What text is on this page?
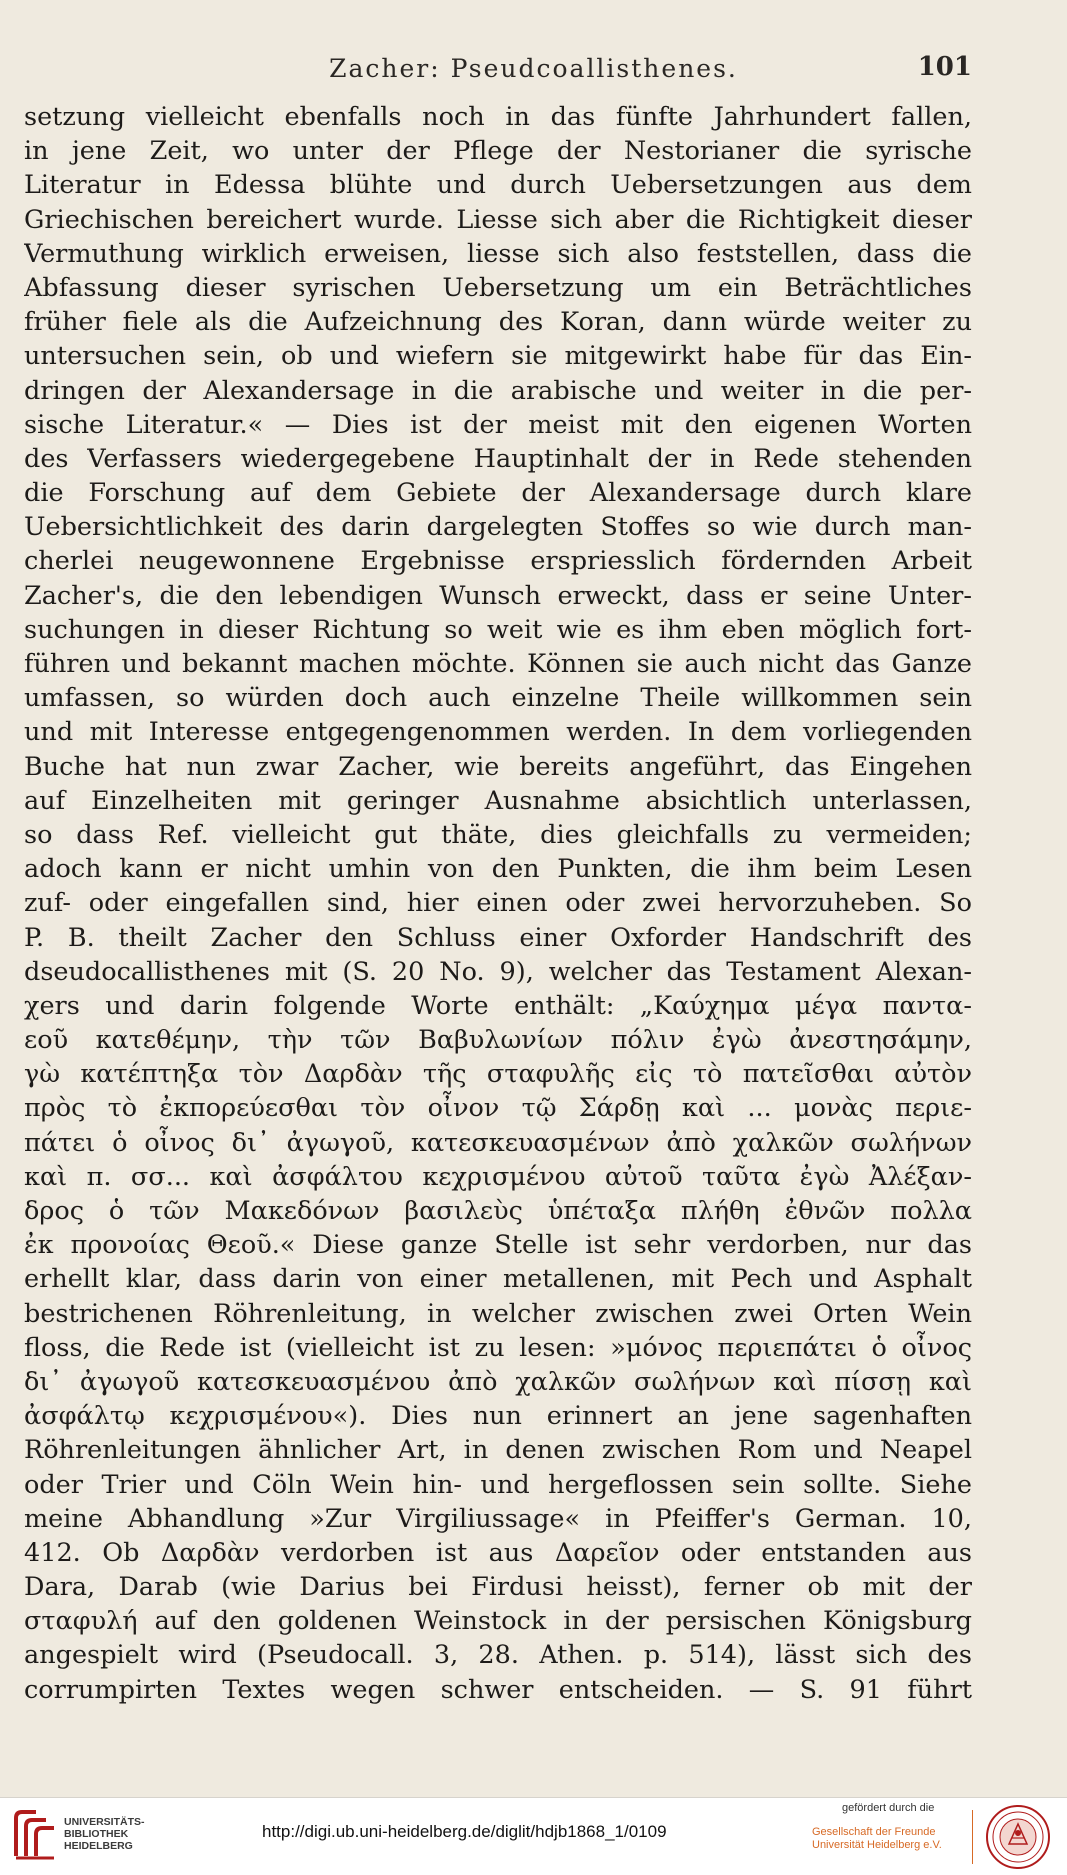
Zacher: Pseudcoallisthenes.	101
setzung vielleicht ebenfalls noch in das fünfte Jahrhundert fallen,
in jene Zeit, wo unter der Pflege der Nestorianer die syrische
Literatur in Edessa blühte und durch Uebersetzungen aus dem
Griechischen bereichert wurde. Liesse sich aber die Richtigkeit dieser
Vermuthung wirklich erweisen, liesse sich also feststellen, dass die
Abfassung dieser syrischen Uebersetzung um ein Beträchtliches
früher fiele als die Aufzeichnung des Koran, dann würde weiter zu
untersuchen sein, ob und wiefern sie mitgewirkt habe für das Ein-
dringen der Alexandersage in die arabische und weiter in die per-
sische Literatur.« — Dies ist der meist mit den eigenen Worten
des Verfassers wiedergegebene Hauptinhalt der in Rede stehenden
die Forschung auf dem Gebiete der Alexandersage durch klare
Uebersichtlichkeit des darin dargelegten Stoffes so wie durch man-
cherlei neugewonnene Ergebnisse erspriesslich fördernden Arbeit
Zacher's, die den lebendigen Wunsch erweckt, dass er seine Unter-
suchungen in dieser Richtung so weit wie es ihm eben möglich fort-
führen und bekannt machen möchte. Können sie auch nicht das Ganze
umfassen, so würden doch auch einzelne Theile willkommen sein
und mit Interesse entgegengenommen werden. In dem vorliegenden
Buche hat nun zwar Zacher, wie bereits angeführt, das Eingehen
auf Einzelheiten mit geringer Ausnahme absichtlich unterlassen,
so dass Ref. vielleicht gut thäte, dies gleichfalls zu vermeiden;
adoch kann er nicht umhin von den Punkten, die ihm beim Lesen
zuf- oder eingefallen sind, hier einen oder zwei hervorzuheben. So
P. B. theilt Zacher den Schluss einer Oxforder Handschrift des
dseudocallisthenes mit (S. 20 No. 9), welcher das Testament Alexan-
χers und darin folgende Worte enthält: „Καύχημα μέγα παντα-
εοῦ κατεθέμην, τὴν τῶν Βαβυλωνίων πόλιν ἐγὼ ἀνεστησάμην,
γὼ κατέπτηξα τὸν Δαρδὰν τῆς σταφυλῆς εἰς τὸ πατεῖσθαι αὐτὸν
πρὸς τὸ ἐκπορεύεσθαι τὸν οἶνον τῷ Σάρδῃ καὶ ... μονὰς περιε-
πάτει ὁ οἶνος δι᾽ ἀγωγοῦ, κατεσκευασμένων ἀπὸ χαλκῶν σωλήνων
καὶ π. σσ... καὶ ἀσφάλτου κεχρισμένου αὐτοῦ ταῦτα ἐγὼ Ἀλέξαν-
δρος ὁ τῶν Μακεδόνων βασιλεὺς ὑπέταξα πλήθη ἐθνῶν πολλα
ἐκ προνοίας Θεοῦ.« Diese ganze Stelle ist sehr verdorben, nur das
erhellt klar, dass darin von einer metallenen, mit Pech und Asphalt
bestrichenen Röhrenleitung, in welcher zwischen zwei Orten Wein
floss, die Rede ist (vielleicht ist zu lesen: »μόνος περιεπάτει ὁ οἶνος
δι᾽ ἀγωγοῦ κατεσκευασμένου ἀπὸ χαλκῶν σωλήνων καὶ πίσσῃ καὶ
ἀσφάλτῳ κεχρισμένου«). Dies nun erinnert an jene sagenhaften
Röhrenleitungen ähnlicher Art, in denen zwischen Rom und Neapel
oder Trier und Cöln Wein hin- und hergeflossen sein sollte. Siehe
meine Abhandlung »Zur Virgiliussage« in Pfeiffer's German. 10,
412. Ob Δαρδὰν verdorben ist aus Δαρεῖον oder entstanden aus
Dara, Darab (wie Darius bei Firdusi heisst), ferner ob mit der
σταφυλή auf den goldenen Weinstock in der persischen Königsburg
angespielt wird (Pseudocall. 3, 28. Athen. p. 514), lässt sich des
corrumpirten Textes wegen schwer entscheiden. — S. 91 führt
UNIVERSITÄTS-
BIBLIOTHEK
HEIDELBERG
http://digi.ub.uni-heidelberg.de/diglit/hdjb1868_1/0109
gefördert durch die
Gesellschaft der Freunde
Universität Heidelberg e.V.
